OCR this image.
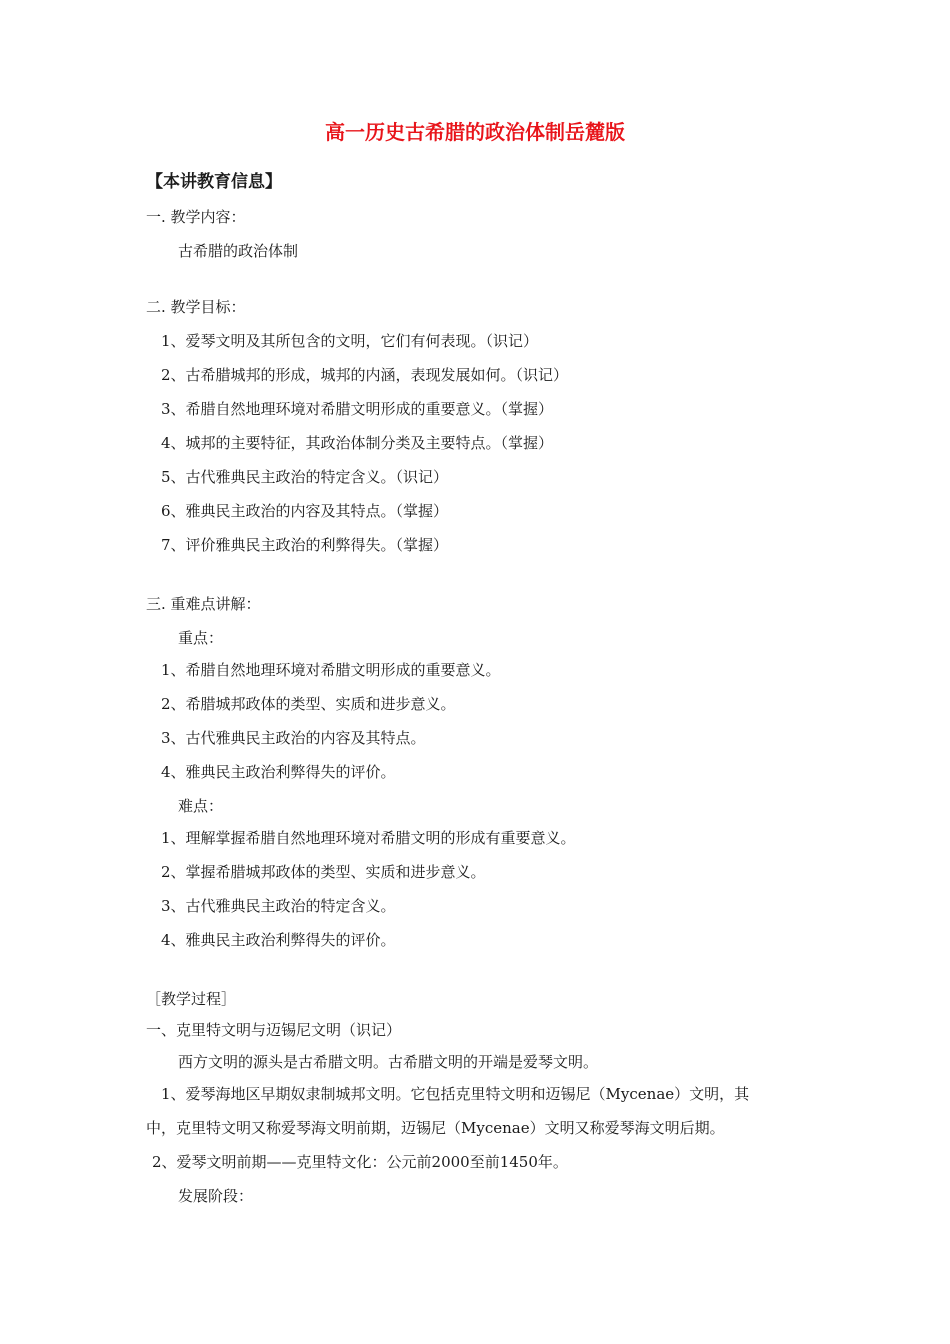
高一历史古希腊的政治体制岳麓版
【本讲教育信息】
一. 教学内容：
古希腊的政治体制
二. 教学目标：
1、爱琴文明及其所包含的文明，它们有何表现。（识记）
2、古希腊城邦的形成，城邦的内涵，表现发展如何。（识记）
3、希腊自然地理环境对希腊文明形成的重要意义。（掌握）
4、城邦的主要特征，其政治体制分类及主要特点。（掌握）
5、古代雅典民主政治的特定含义。（识记）
6、雅典民主政治的内容及其特点。（掌握）
7、评价雅典民主政治的利弊得失。（掌握）
三. 重难点讲解：
重点：
1、希腊自然地理环境对希腊文明形成的重要意义。
2、希腊城邦政体的类型、实质和进步意义。
3、古代雅典民主政治的内容及其特点。
4、雅典民主政治利弊得失的评价。
难点：
1、理解掌握希腊自然地理环境对希腊文明的形成有重要意义。
2、掌握希腊城邦政体的类型、实质和进步意义。
3、古代雅典民主政治的特定含义。
4、雅典民主政治利弊得失的评价。
［教学过程］
一、克里特文明与迈锡尼文明（识记）
西方文明的源头是古希腊文明。古希腊文明的开端是爱琴文明。
1、爱琴海地区早期奴隶制城邦文明。它包括克里特文明和迈锡尼（Mycenae）文明，其
中，克里特文明又称爱琴海文明前期，迈锡尼（Mycenae）文明又称爱琴海文明后期。
2、爱琴文明前期——克里特文化：公元前2000至前1450年。
发展阶段：
